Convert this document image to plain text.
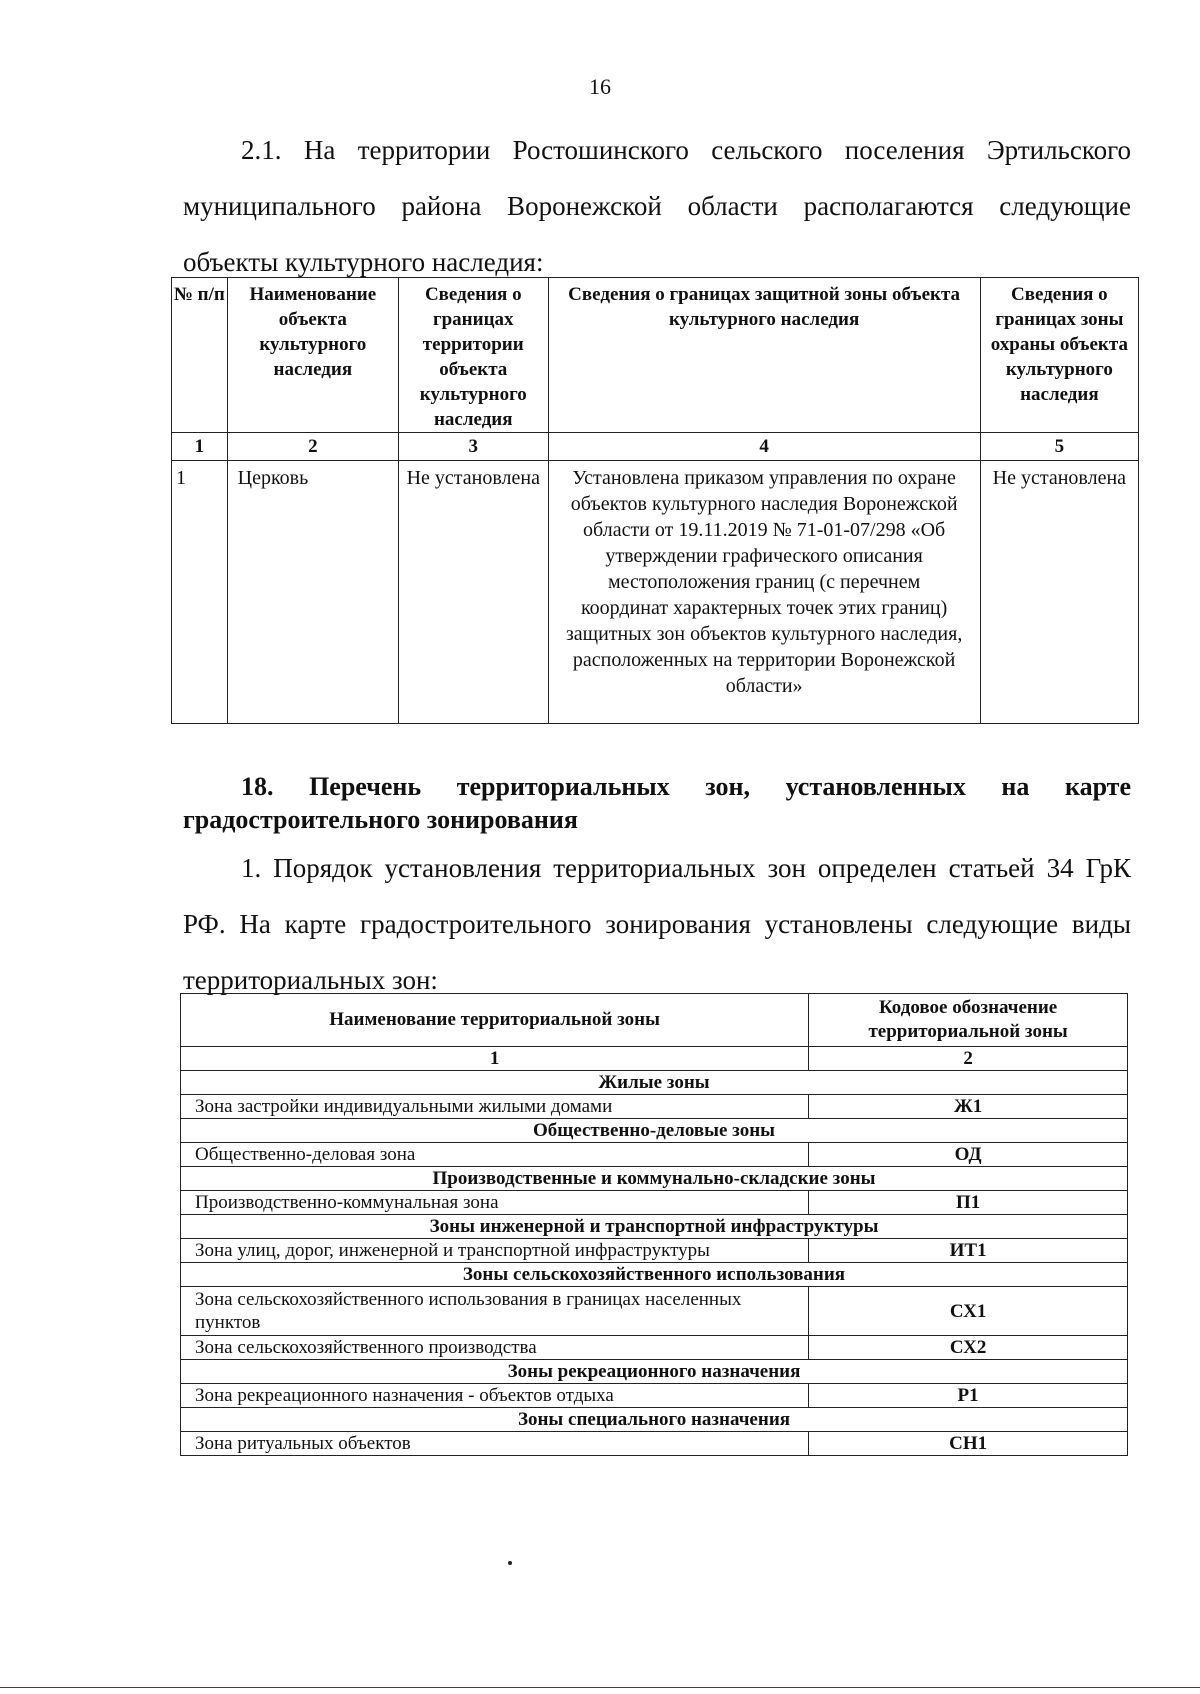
16

2.1. На территории Ростошинского сельского поселения Эртильского муниципального района Воронежской области располагаются следующие объекты культурного наследия:

№ п/п	Наименование объекта культурного наследия	Сведения о границах территории объекта культурного наследия	Сведения о границах защитной зоны объекта культурного наследия	Сведения о границах зоны охраны объекта культурного наследия
1	2	3	4	5
1	Церковь	Не установлена	Установлена приказом управления по охране объектов культурного наследия Воронежской области от 19.11.2019 № 71-01-07/298 «Об утверждении графического описания местоположения границ (с перечнем координат характерных точек этих границ) защитных зон объектов культурного наследия, расположенных на территории Воронежской области»	Не установлена
18. Перечень территориальных зон, установленных на карте градостроительного зонирования

1. Порядок установления территориальных зон определен статьей 34 ГрК РФ. На карте градостроительного зонирования установлены следующие виды территориальных зон:

Наименование территориальной зоны	Кодовое обозначение территориальной зоны
1	2
Жилые зоны	
Зона застройки индивидуальными жилыми домами	Ж1
Общественно-деловые зоны	
Общественно-деловая зона	ОД
Производственные и коммунально-складские зоны	
Производственно-коммунальная зона	П1
Зоны инженерной и транспортной инфраструктуры	
Зона улиц, дорог, инженерной и транспортной инфраструктуры	ИТ1
Зоны сельскохозяйственного использования	
Зона сельскохозяйственного использования в границах населенных пунктов	СХ1
Зона сельскохозяйственного производства	СХ2
Зоны рекреационного назначения	
Зона рекреационного назначения - объектов отдыха	Р1
Зоны специального назначения	
Зона ритуальных объектов	СН1
